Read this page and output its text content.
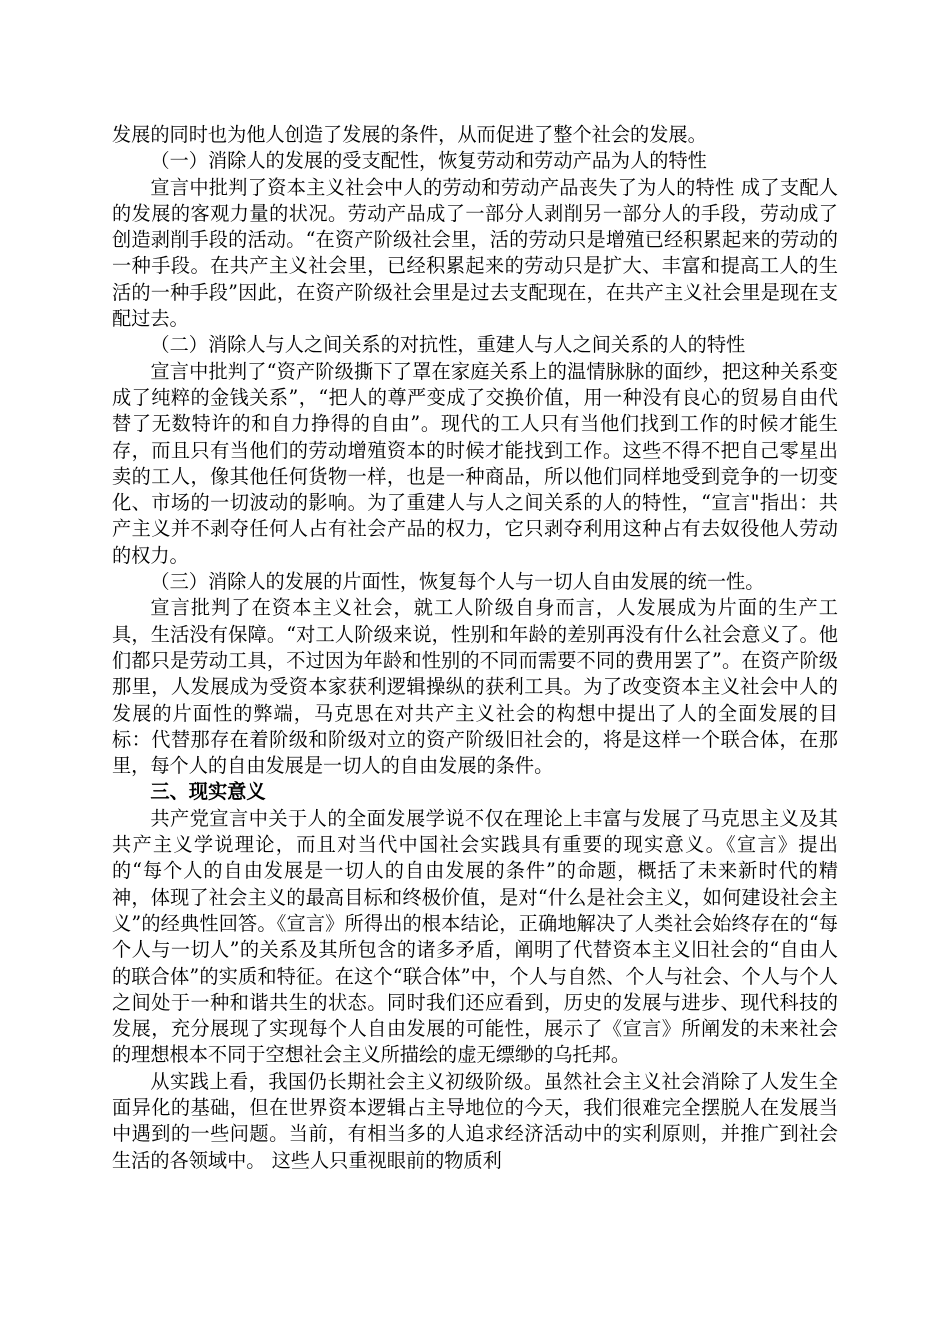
发展的同时也为他人创造了发展的条件，从而促进了整个社会的发展。

（一）消除人的发展的受支配性，恢复劳动和劳动产品为人的特性

宣言中批判了资本主义社会中人的劳动和劳动产品丧失了为人的特性 成了支配人的发展的客观力量的状况。劳动产品成了一部分人剥削另一部分人的手段，劳动成了创造剥削手段的活动。“在资产阶级社会里，活的劳动只是增殖已经积累起来的劳动的一种手段。在共产主义社会里，已经积累起来的劳动只是扩大、丰富和提高工人的生活的一种手段”因此，在资产阶级社会里是过去支配现在，在共产主义社会里是现在支配过去。

（二）消除人与人之间关系的对抗性，重建人与人之间关系的人的特性

宣言中批判了“资产阶级撕下了罩在家庭关系上的温情脉脉的面纱，把这种关系变成了纯粹的金钱关系”，“把人的尊严变成了交换价值，用一种没有良心的贸易自由代替了无数特许的和自力挣得的自由”。现代的工人只有当他们找到工作的时候才能生存，而且只有当他们的劳动增殖资本的时候才能找到工作。这些不得不把自己零星出卖的工人，像其他任何货物一样，也是一种商品，所以他们同样地受到竞争的一切变化、市场的一切波动的影响。为了重建人与人之间关系的人的特性，“宣言"指出：共产主义并不剥夺任何人占有社会产品的权力，它只剥夺利用这种占有去奴役他人劳动的权力。

（三）消除人的发展的片面性，恢复每个人与一切人自由发展的统一性。

宣言批判了在资本主义社会，就工人阶级自身而言，人发展成为片面的生产工具，生活没有保障。“对工人阶级来说，性别和年龄的差别再没有什么社会意义了。他们都只是劳动工具，不过因为年龄和性别的不同而需要不同的费用罢了”。在资产阶级那里，人发展成为受资本家获利逻辑操纵的获利工具。为了改变资本主义社会中人的发展的片面性的弊端，马克思在对共产主义社会的构想中提出了人的全面发展的目标：代替那存在着阶级和阶级对立的资产阶级旧社会的，将是这样一个联合体，在那里，每个人的自由发展是一切人的自由发展的条件。

三、现实意义

共产党宣言中关于人的全面发展学说不仅在理论上丰富与发展了马克思主义及其共产主义学说理论，而且对当代中国社会实践具有重要的现实意义。《宣言》提出的“每个人的自由发展是一切人的自由发展的条件”的命题，概括了未来新时代的精神，体现了社会主义的最高目标和终极价值，是对“什么是社会主义，如何建设社会主义”的经典性回答。《宣言》所得出的根本结论，正确地解决了人类社会始终存在的“每个人与一切人”的关系及其所包含的诸多矛盾，阐明了代替资本主义旧社会的“自由人的联合体”的实质和特征。在这个“联合体”中，个人与自然、个人与社会、个人与个人之间处于一种和谐共生的状态。同时我们还应看到，历史的发展与进步、现代科技的发展，充分展现了实现每个人自由发展的可能性，展示了《宣言》所阐发的未来社会的理想根本不同于空想社会主义所描绘的虚无缥缈的乌托邦。

从实践上看，我国仍长期社会主义初级阶级。虽然社会主义社会消除了人发生全面异化的基础，但在世界资本逻辑占主导地位的今天，我们很难完全摆脱人在发展当中遇到的一些问题。当前，有相当多的人追求经济活动中的实利原则，并推广到社会生活的各领域中。 这些人只重视眼前的物质利
